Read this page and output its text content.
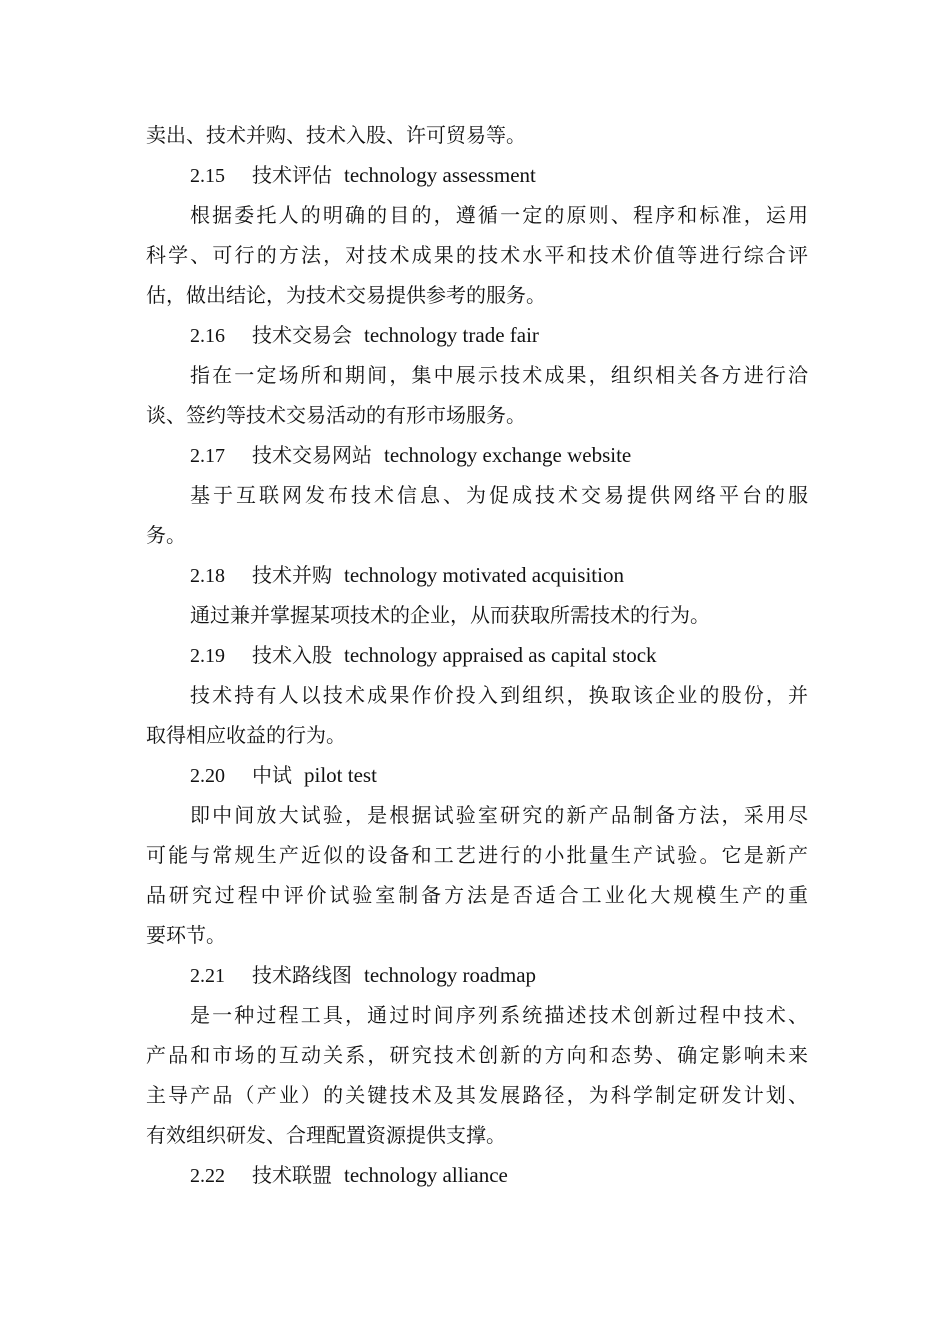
卖出、技术并购、技术入股、许可贸易等。
2.15 技术评估 technology assessment
根据委托人的明确的目的，遵循一定的原则、程序和标准，运用
科学、可行的方法，对技术成果的技术水平和技术价值等进行综合评
估，做出结论，为技术交易提供参考的服务。
2.16 技术交易会 technology trade fair
指在一定场所和期间，集中展示技术成果，组织相关各方进行洽
谈、签约等技术交易活动的有形市场服务。
2.17 技术交易网站 technology exchange website
基于互联网发布技术信息、为促成技术交易提供网络平台的服
务。
2.18 技术并购 technology motivated acquisition
通过兼并掌握某项技术的企业，从而获取所需技术的行为。
2.19 技术入股 technology appraised as capital stock
技术持有人以技术成果作价投入到组织，换取该企业的股份，并
取得相应收益的行为。
2.20 中试 pilot test
即中间放大试验，是根据试验室研究的新产品制备方法，采用尽
可能与常规生产近似的设备和工艺进行的小批量生产试验。它是新产
品研究过程中评价试验室制备方法是否适合工业化大规模生产的重
要环节。
2.21 技术路线图 technology roadmap
是一种过程工具，通过时间序列系统描述技术创新过程中技术、
产品和市场的互动关系，研究技术创新的方向和态势、确定影响未来
主导产品（产业）的关键技术及其发展路径，为科学制定研发计划、
有效组织研发、合理配置资源提供支撑。
2.22 技术联盟 technology alliance
